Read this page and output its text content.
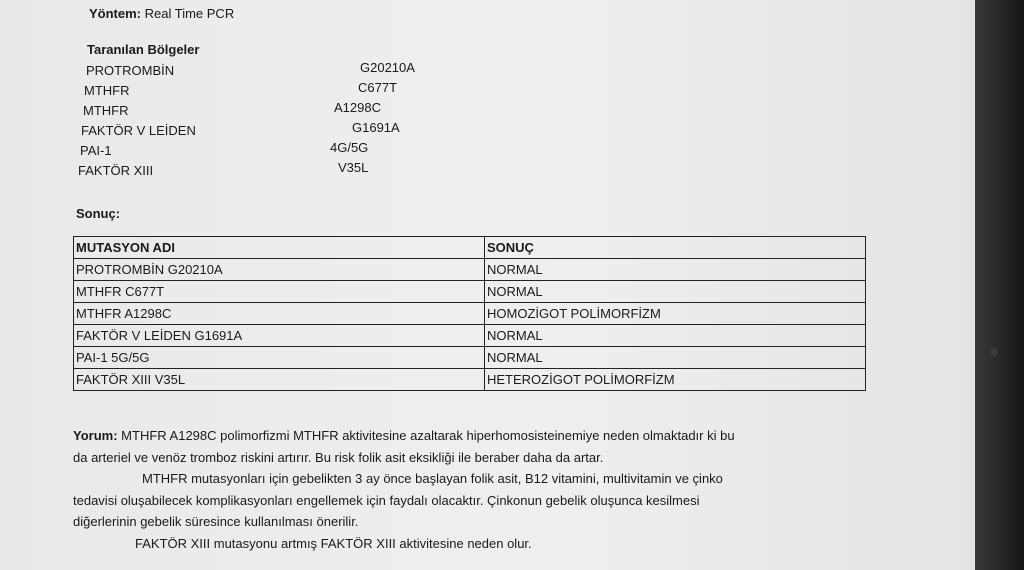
Yöntem: Real Time PCR
Taranılan Bölgeler
PROTROMBİN	G20210A
MTHFR	C677T
MTHFR	A1298C
FAKTÖR V LEİDEN	G1691A
PAI-1	4G/5G
FAKTÖR XIII	V35L
Sonuç:
MUTASYON ADI	SONUÇ
PROTROMBİN G20210A	NORMAL
MTHFR C677T	NORMAL
MTHFR A1298C	HOMOZİGOT POLİMORFİZM
FAKTÖR V LEİDEN G1691A	NORMAL
PAI-1 5G/5G	NORMAL
FAKTÖR XIII V35L	HETEROZİGOT POLİMORFİZM

Yorum: MTHFR A1298C polimorfizmi MTHFR aktivitesine azaltarak hiperhomosisteinemiye neden olmaktadır ki bu

da arteriel ve venöz tromboz riskini artırır. Bu risk folik asit eksikliği ile beraber daha da artar.

MTHFR mutasyonları için gebelikten 3 ay önce başlayan folik asit, B12 vitamini, multivitamin ve çinko

tedavisi oluşabilecek komplikasyonları engellemek için faydalı olacaktır. Çinkonun gebelik oluşunca kesilmesi

diğerlerinin gebelik süresince kullanılması önerilir.

FAKTÖR XIII mutasyonu artmış FAKTÖR XIII aktivitesine neden olur.
